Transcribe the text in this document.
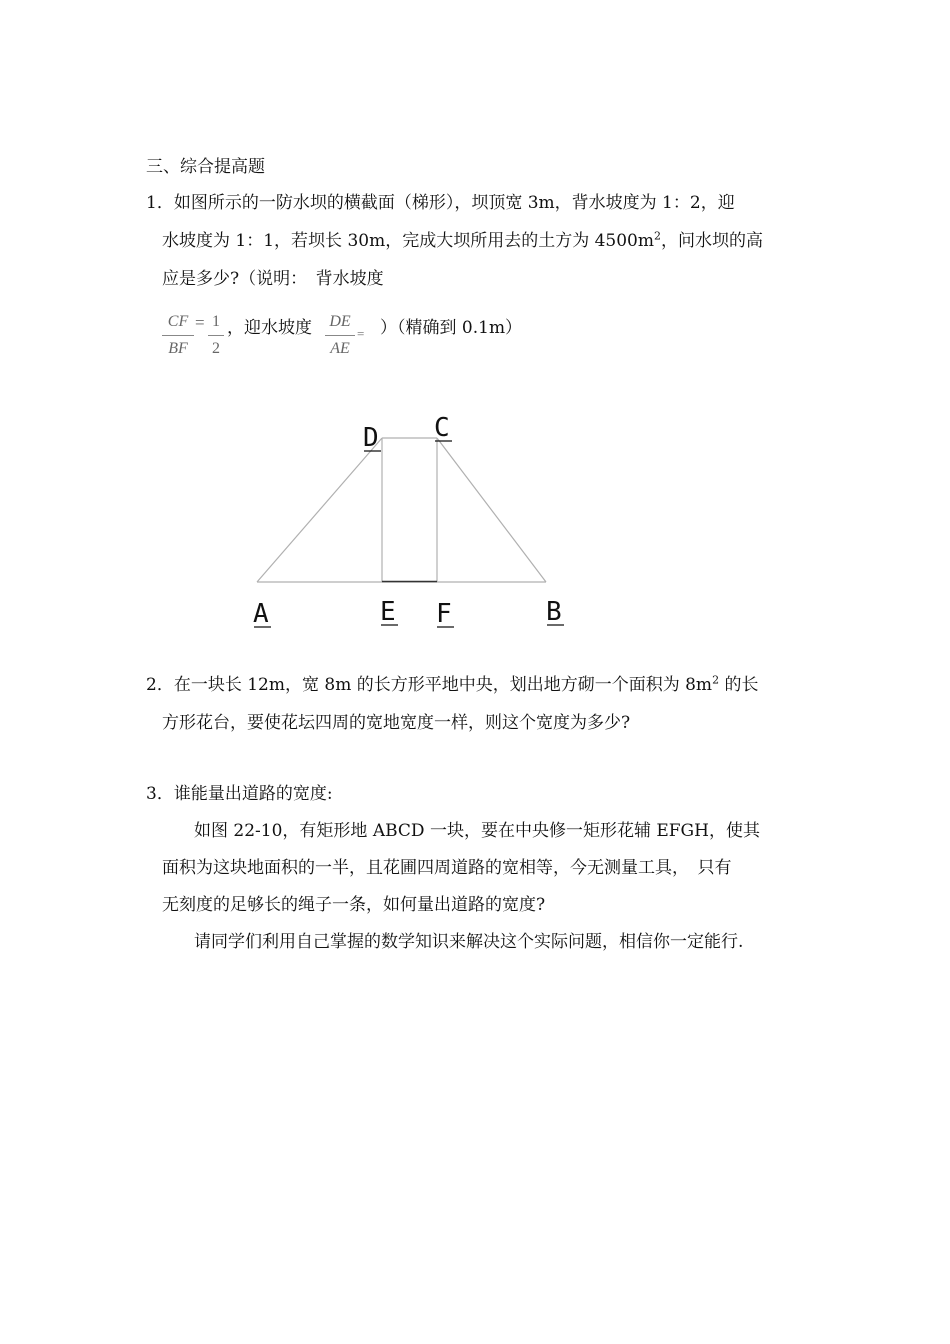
三、综合提高题
1．如图所示的一防水坝的横截面（梯形），坝顶宽 3m，背水坡度为 1：2，迎
水坡度为 1：1，若坝长 30m，完成大坝所用去的土方为 $4500m^2$，问水坝的高
应是多少?（说明：　背水坡度
CF
BF
= 1
2
，迎水坡度 DE
AE
= ）（精确到 0.1m）
D C
A	E F	B
2．在一块长 12m，宽 8m 的长方形平地中央，划出地方砌一个面积为 $8m^2$ 的长
方形花台，要使花坛四周的宽地宽度一样，则这个宽度为多少?
3．谁能量出道路的宽度:
如图 22-10，有矩形地 ABCD 一块，要在中央修一矩形花辅 EFGH，使其
面积为这块地面积的一半，且花圃四周道路的宽相等，今无测量工具，　只有
无刻度的足够长的绳子一条，如何量出道路的宽度?
请同学们利用自己掌握的数学知识来解决这个实际问题，相信你一定能行.
